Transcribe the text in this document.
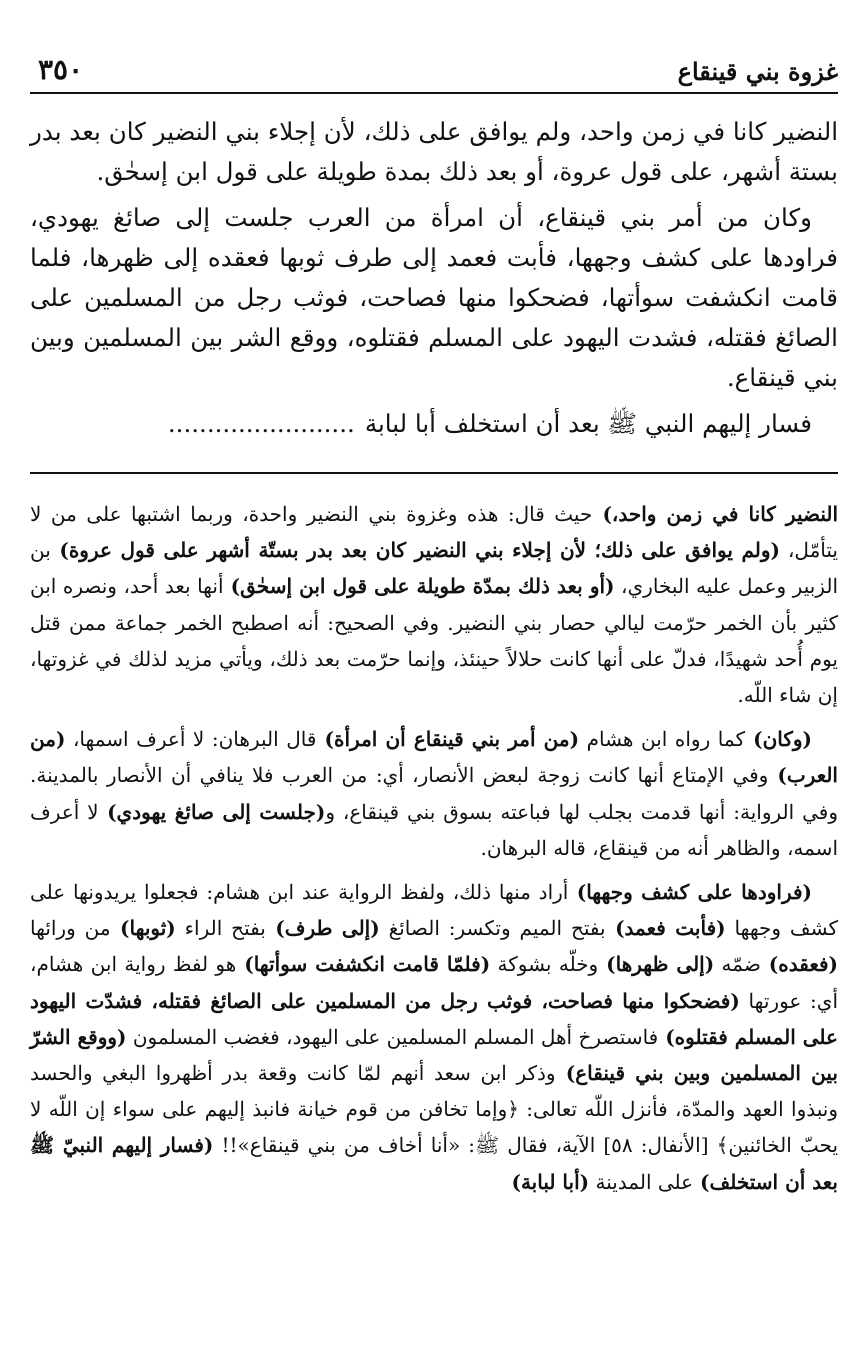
غزوة بني قينقاع
٣٥٠

النضير كانا في زمن واحد، ولم يوافق على ذلك، لأن إجلاء بني النضير كان بعد بدر بستة أشهر، على قول عروة، أو بعد ذلك بمدة طويلة على قول ابن إسحٰق.

وكان من أمر بني قينقاع، أن امرأة من العرب جلست إلى صائغ يهودي، فراودها على كشف وجهها، فأبت فعمد إلى طرف ثوبها فعقده إلى ظهرها، فلما قامت انكشفت سوأتها، فضحكوا منها فصاحت، فوثب رجل من المسلمين على الصائغ فقتله، فشدت اليهود على المسلم فقتلوه، ووقع الشر بين المسلمين وبين بني قينقاع.

فسار إليهم النبي ﷺ بعد أن استخلف أبا لبابة........................

النضير كانا في زمن واحد،) حيث قال: هذه وغزوة بني النضير واحدة، وربما اشتبها على من لا يتأمّل، (ولم يوافق على ذلك؛ لأن إجلاء بني النضير كان بعد بدر بستّة أشهر على قول عروة) بن الزبير وعمل عليه البخاري، (أو بعد ذلك بمدّة طويلة على قول ابن إسحٰق) أنها بعد أحد، ونصره ابن كثير بأن الخمر حرّمت ليالي حصار بني النضير. وفي الصحيح: أنه اصطبح الخمر جماعة ممن قتل يوم أُحد شهيدًا، فدلّ على أنها كانت حلالاً حينئذ، وإنما حرّمت بعد ذلك، ويأتي مزيد لذلك في غزوتها، إن شاء اللّه.

(وكان) كما رواه ابن هشام (من أمر بني قينقاع أن امرأة) قال البرهان: لا أعرف اسمها، (من العرب) وفي الإمتاع أنها كانت زوجة لبعض الأنصار، أي: من العرب فلا ينافي أن الأنصار بالمدينة. وفي الرواية: أنها قدمت بجلب لها فباعته بسوق بني قينقاع، و(جلست إلى صائغ يهودي) لا أعرف اسمه، والظاهر أنه من قينقاع، قاله البرهان.

(فراودها على كشف وجهها) أراد منها ذلك، ولفظ الرواية عند ابن هشام: فجعلوا يريدونها على كشف وجهها (فأبت فعمد) بفتح الميم وتكسر: الصائغ (إلى طرف) بفتح الراء (ثوبها) من ورائها (فعقده) ضمّه (إلى ظهرها) وخلّه بشوكة (فلمّا قامت انكشفت سوأتها) هو لفظ رواية ابن هشام، أي: عورتها (فضحكوا منها فصاحت، فوثب رجل من المسلمين على الصائغ فقتله، فشدّت اليهود على المسلم فقتلوه) فاستصرخ أهل المسلم المسلمين على اليهود، فغضب المسلمون (ووقع الشرّ بين المسلمين وبين بني قينقاع) وذكر ابن سعد أنهم لمّا كانت وقعة بدر أظهروا البغي والحسد ونبذوا العهد والمدّة، فأنزل اللّه تعالى: ﴿وإما تخافن من قوم خيانة فانبذ إليهم على سواء إن اللّه لا يحبّ الخائنين﴾ [الأنفال: ٥٨] الآية، فقال ﷺ: «أنا أخاف من بني قينقاع»!! (فسار إليهم النبيّ ﷺ بعد أن استخلف) على المدينة (أبا لبابة)
